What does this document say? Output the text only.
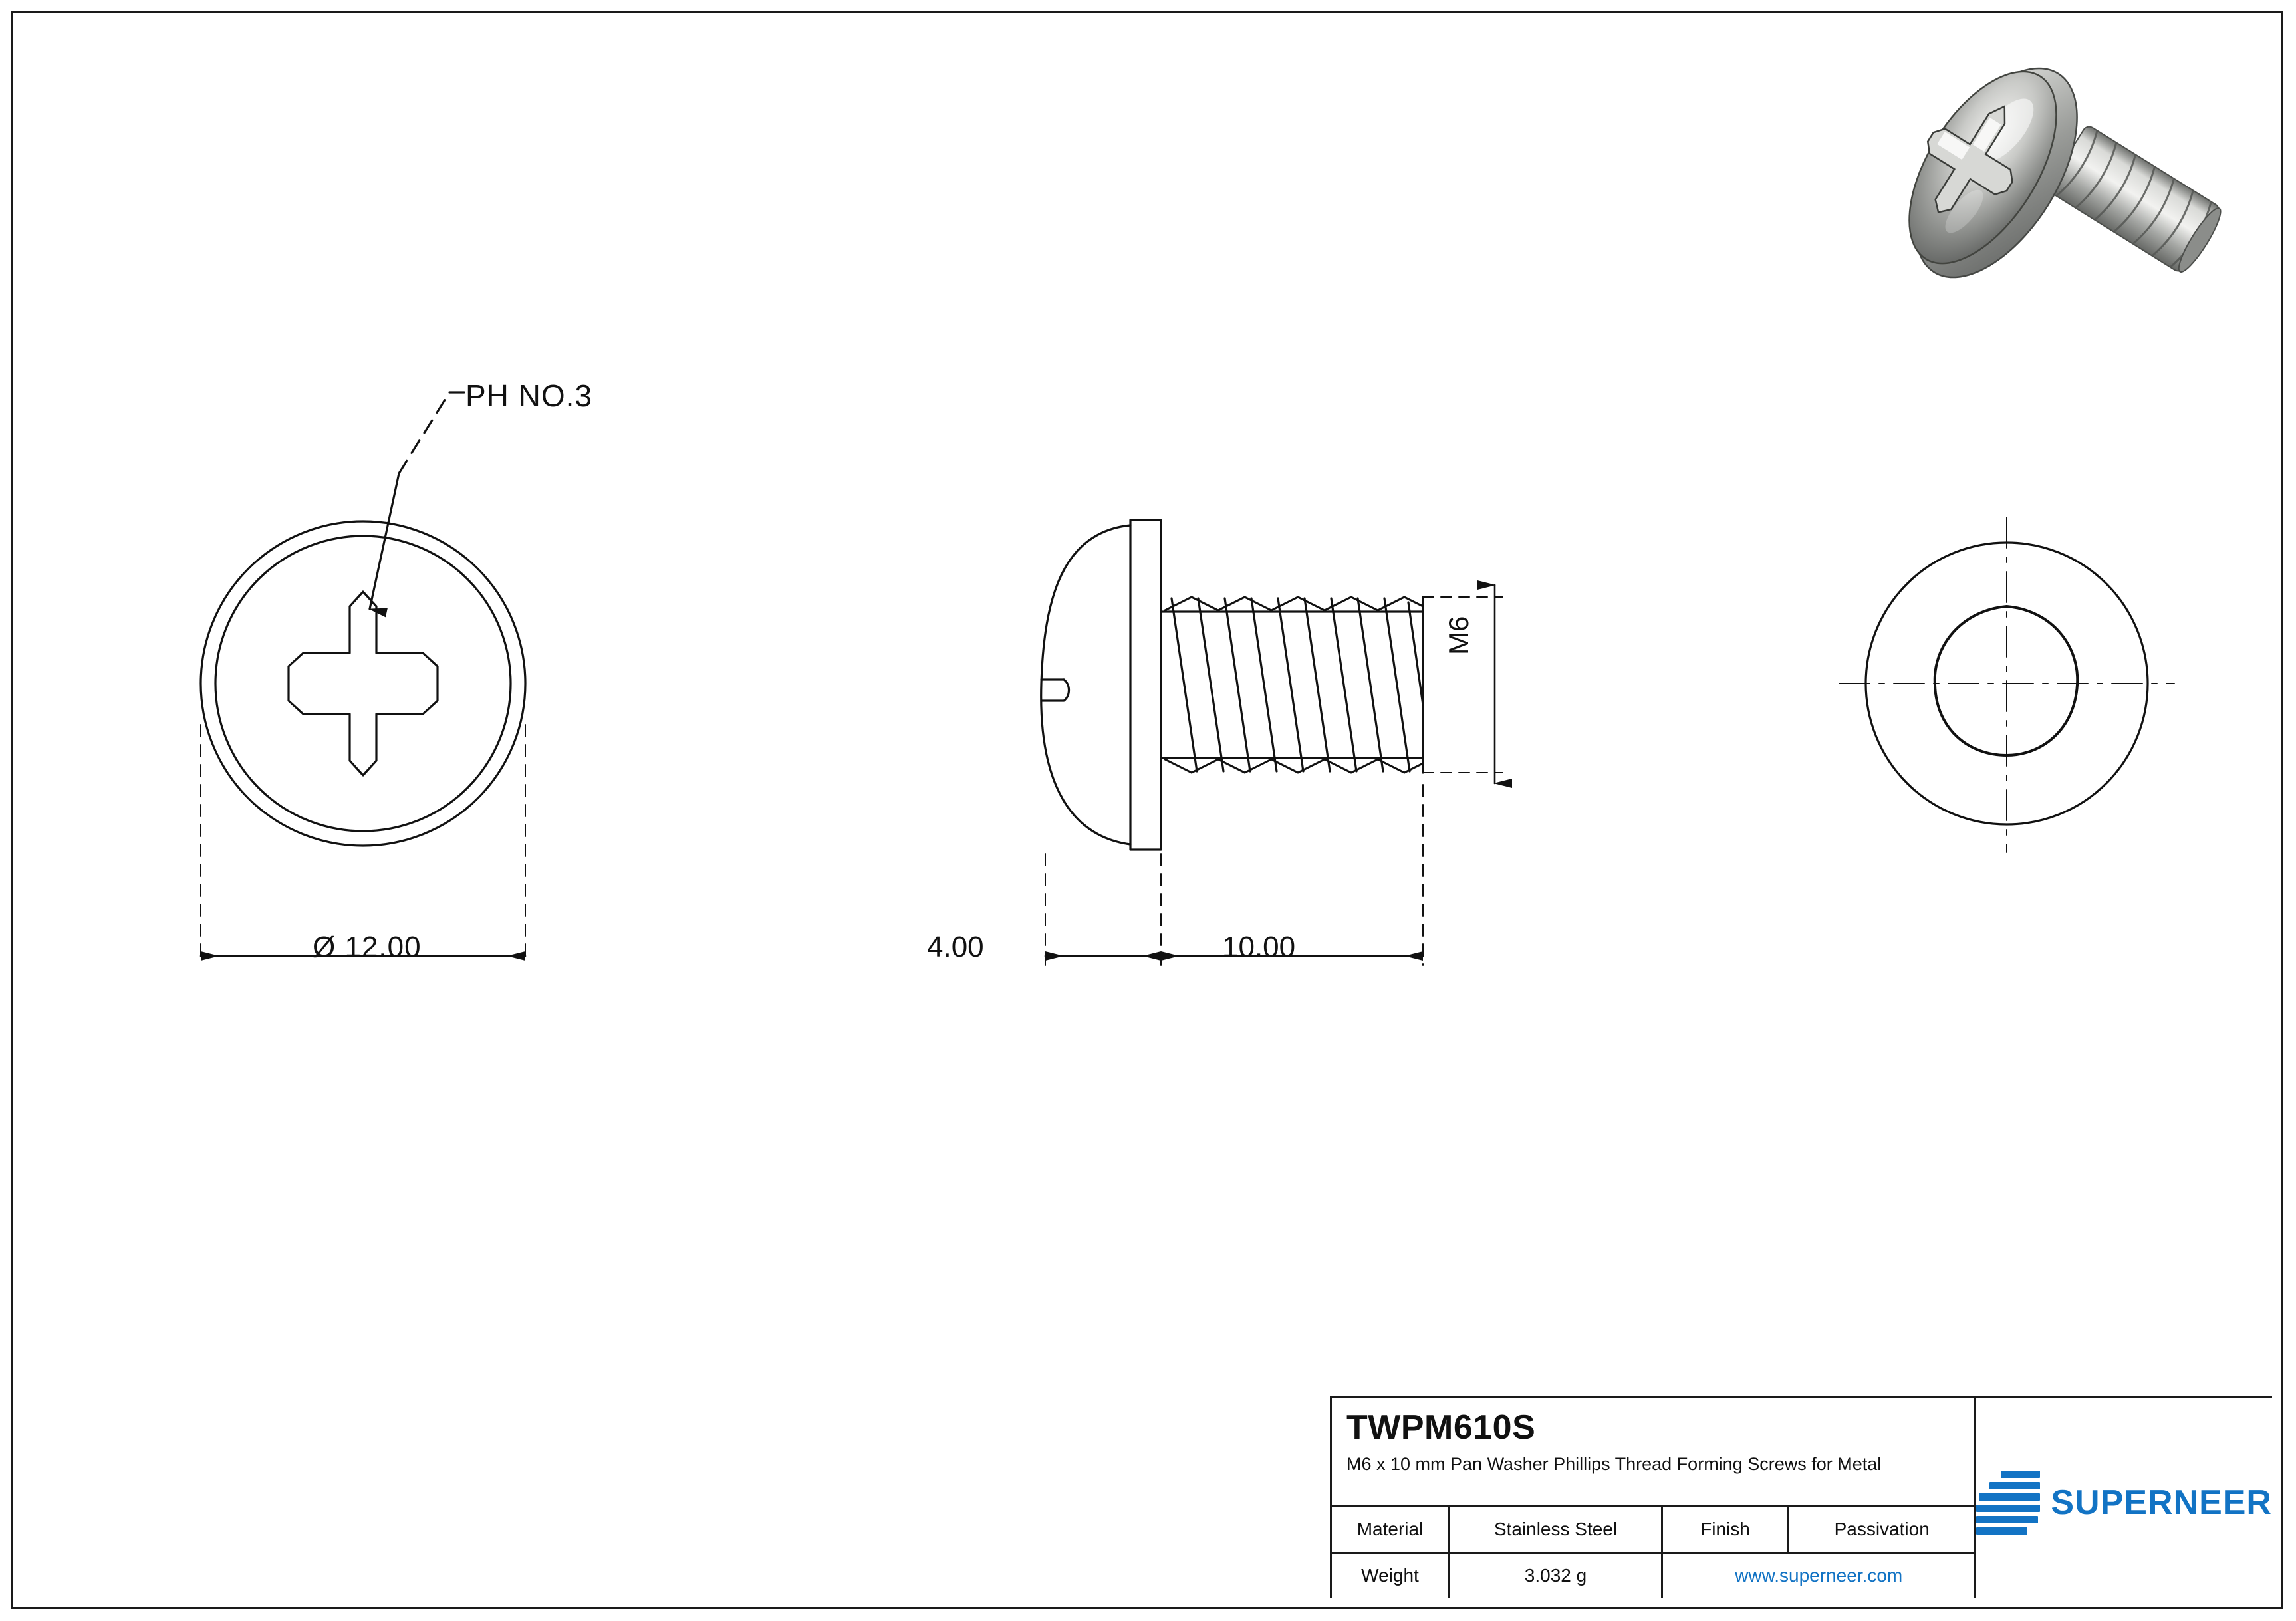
PH NO.3
Ø 12.00	4.00	10.00
M6
TWPM610S
M6 x 10 mm Pan Washer Phillips Thread Forming Screws for Metal
Material	Stainless Steel	Finish	Passivation
Weight	3.032 g	www.superneer.com
SUPERNEER
